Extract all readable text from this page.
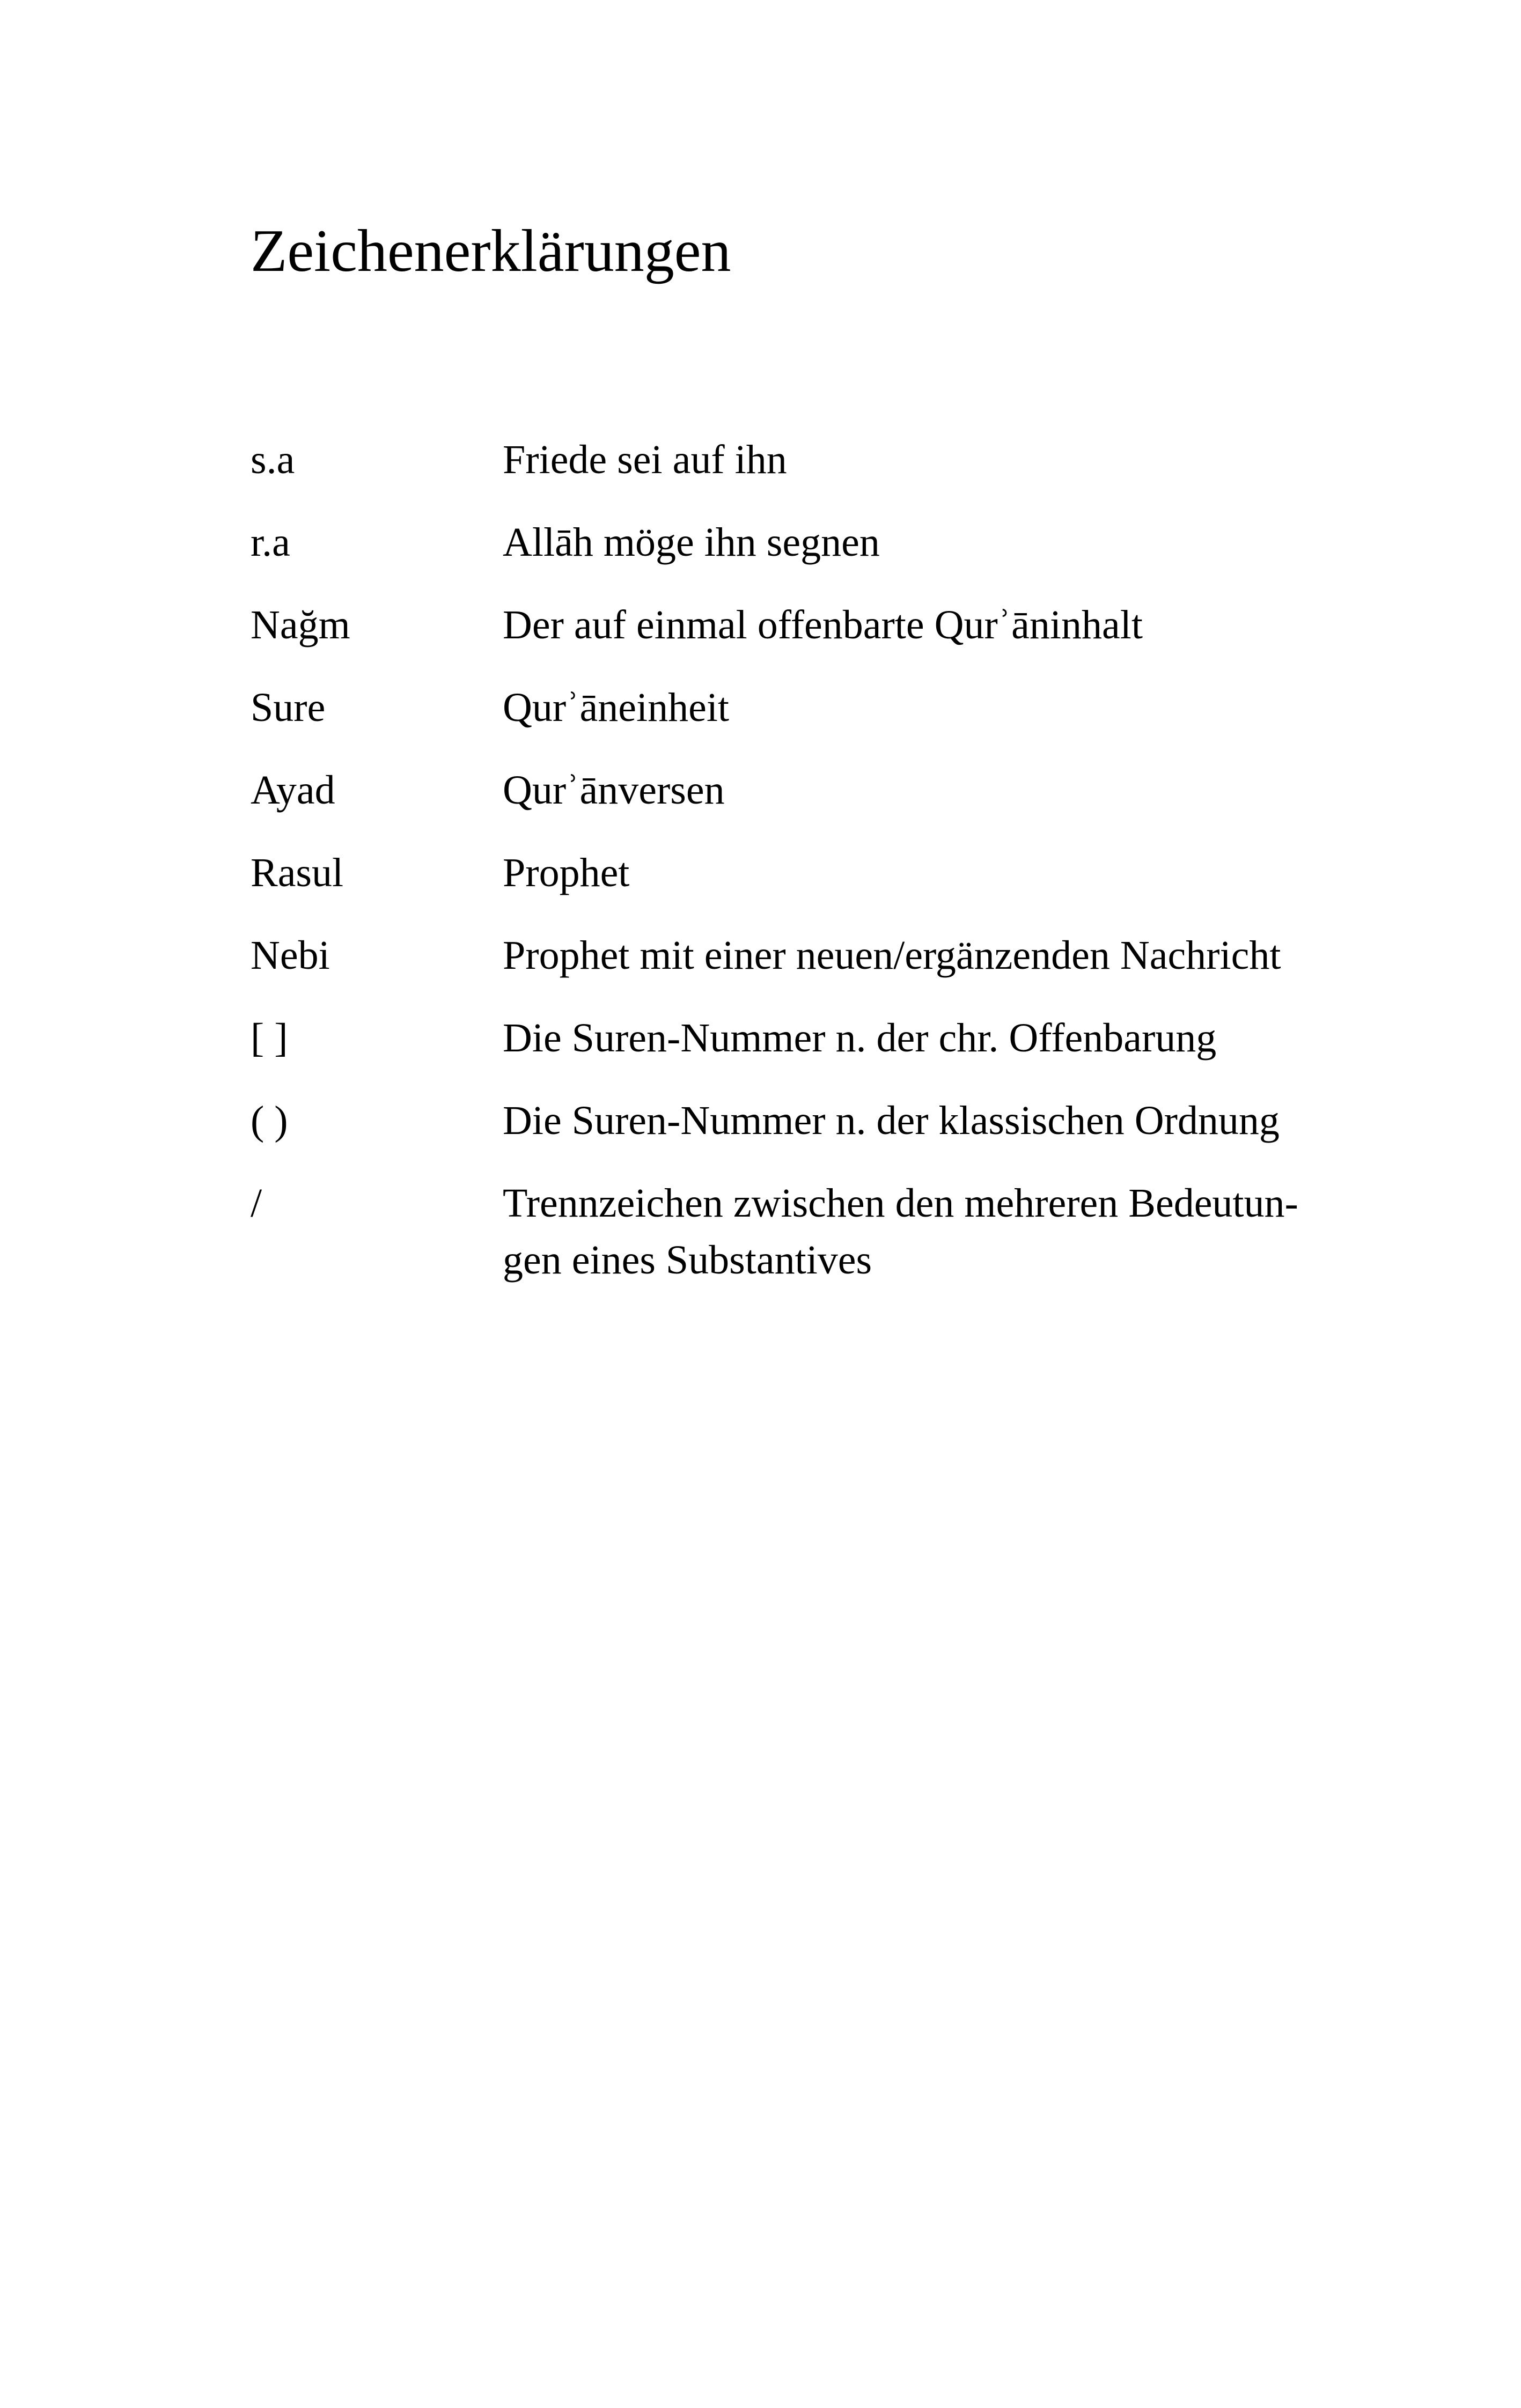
Zeichenerklärungen
s.a	Friede sei auf ihn
r.a	Allāh möge ihn segnen
Nağm	Der auf einmal offenbarte Qurʾāninhalt
Sure	Qurʾāneinheit
Ayad	Qurʾānversen
Rasul	Prophet
Nebi	Prophet mit einer neuen/ergänzenden Nachricht
[ ]	Die Suren-Nummer n. der chr. Offenbarung
( )	Die Suren-Nummer n. der klassischen Ordnung
/	Trennzeichen zwischen den mehreren Bedeutun-
gen eines Substantives
